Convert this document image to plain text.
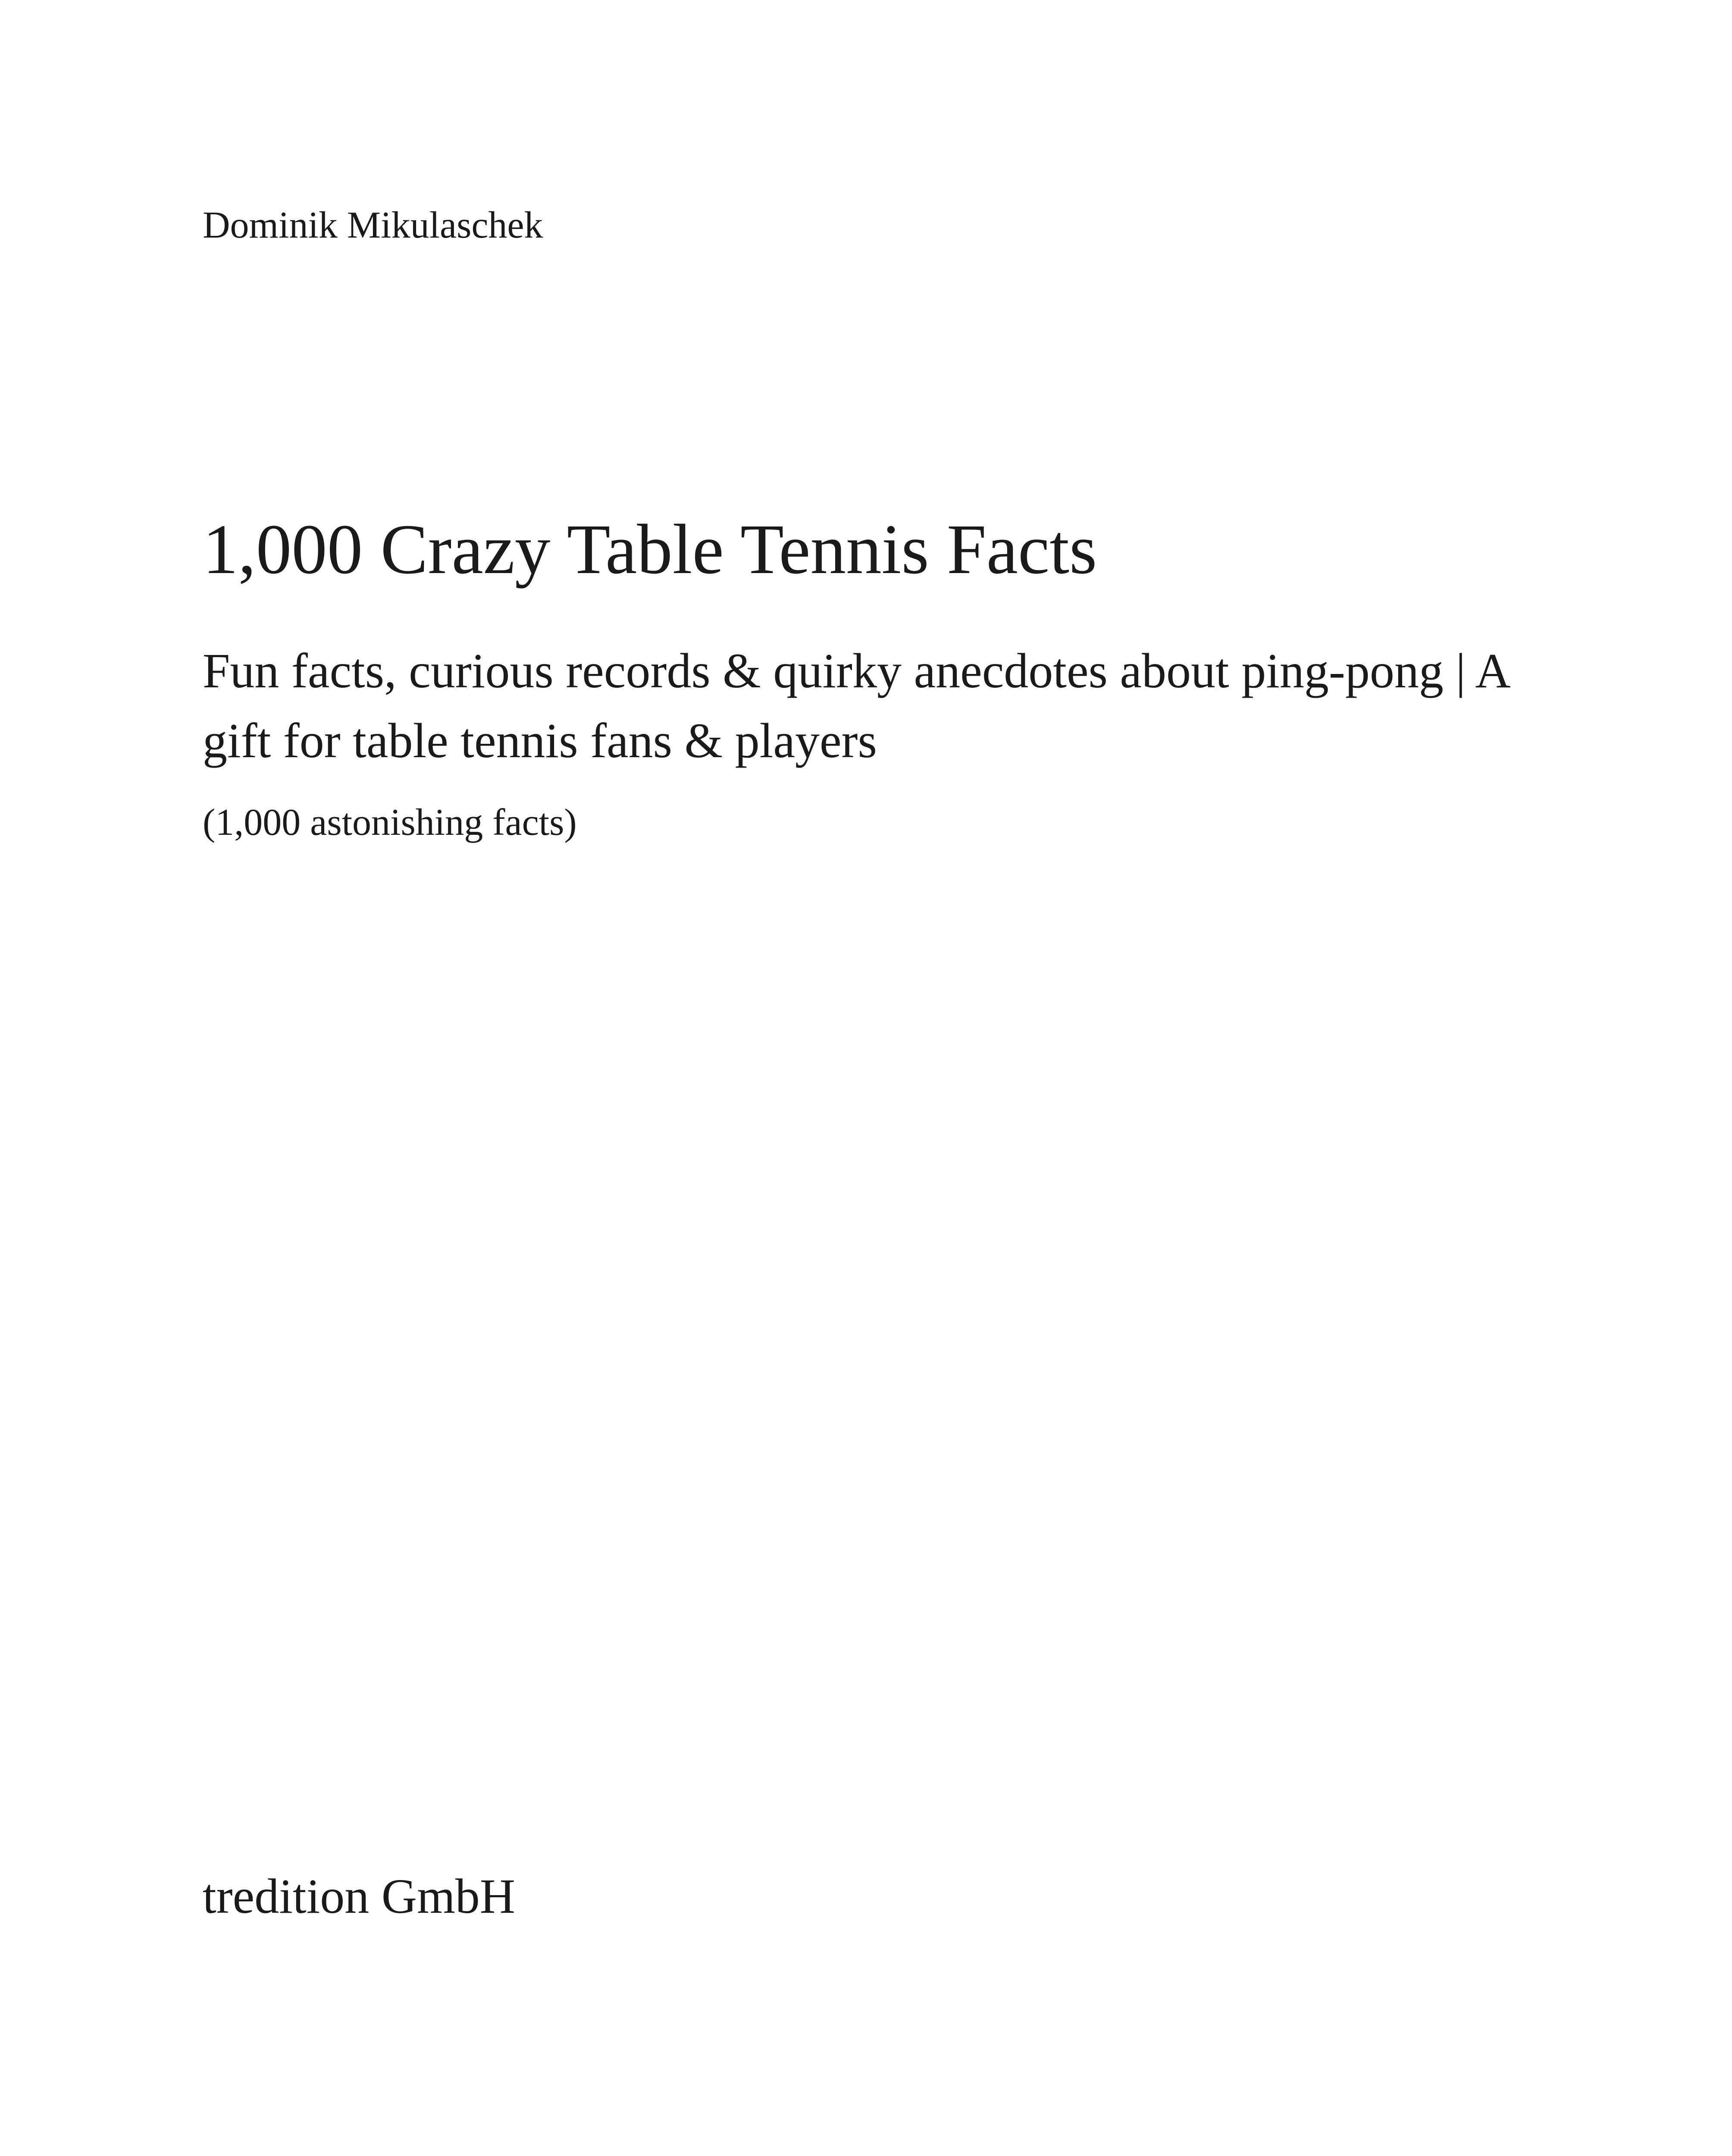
Dominik Mikulaschek
1,000 Crazy Table Tennis Facts
Fun facts, curious records & quirky anecdotes about ping-pong | A gift for table tennis fans & players
(1,000 astonishing facts)
tredition GmbH
